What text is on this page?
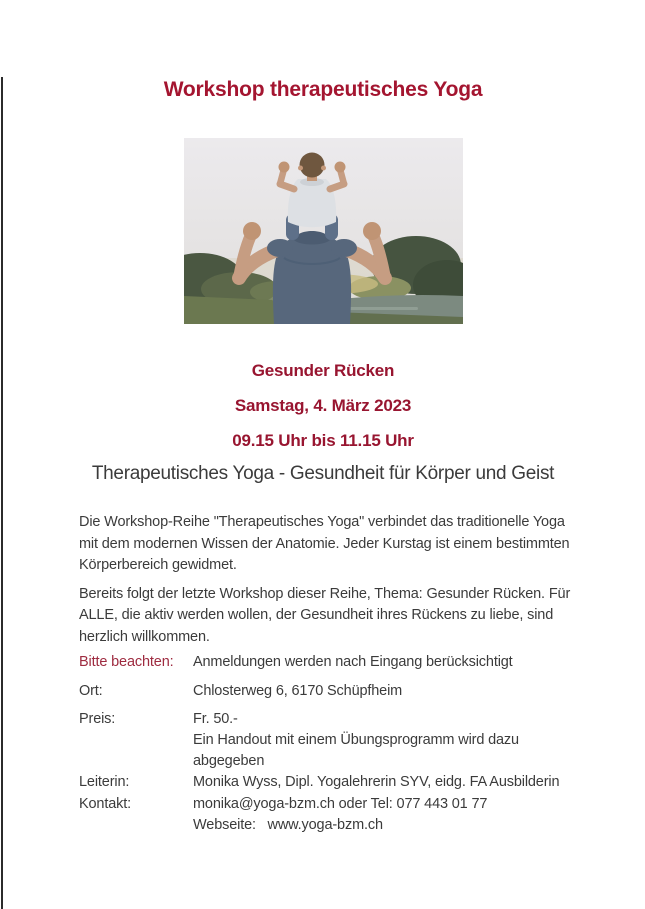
Workshop therapeutisches Yoga
Gesunder Rücken
Samstag, 4. März 2023
09.15 Uhr bis 11.15 Uhr
Therapeutisches Yoga - Gesundheit für Körper und Geist
Die Workshop-Reihe "Therapeutisches Yoga" verbindet das traditionelle Yoga
mit dem modernen Wissen der Anatomie. Jeder Kurstag ist einem bestimmten
Körperbereich gewidmet.
Bereits folgt der letzte Workshop dieser Reihe, Thema: Gesunder Rücken. Für
ALLE, die aktiv werden wollen, der Gesundheit ihres Rückens zu liebe, sind
herzlich willkommen.
Bitte beachten:	Anmeldungen werden nach Eingang berücksichtigt
Ort:	Chlosterweg 6, 6170 Schüpfheim
Preis:	Fr. 50.-
Ein Handout mit einem Übungsprogramm wird dazu
abgegeben
Leiterin:	Monika Wyss, Dipl. Yogalehrerin SYV, eidg. FA Ausbilderin
Kontakt:	monika@yoga-bzm.ch oder Tel: 077 443 01 77
Webseite:   www.yoga-bzm.ch
